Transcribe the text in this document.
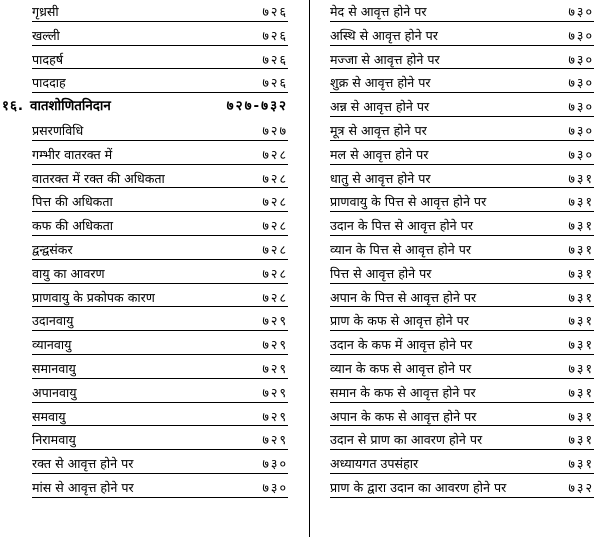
गृध्रसी	७२६
खल्ली	७२६
पादहर्ष	७२६
पाददाह	७२६
१६. वातशोणितनिदान	७२७-७३२
प्रसरणविधि	७२७
गम्भीर वातरक्त में	७२८
वातरक्त में रक्त की अधिकता	७२८
पित्त की अधिकता	७२८
कफ की अधिकता	७२८
द्वन्द्वसंकर	७२८
वायु का आवरण	७२८
प्राणवायु के प्रकोपक कारण	७२८
उदानवायु	७२९
व्यानवायु	७२९
समानवायु	७२९
अपानवायु	७२९
समवायु	७२९
निरामवायु	७२९
रक्त से आवृत्त होने पर	७३०
मांस से आवृत्त होने पर	७३०
मेद से आवृत्त होने पर	७३०
अस्थि से आवृत्त होने पर	७३०
मज्जा से आवृत्त होने पर	७३०
शुक्र से आवृत्त होने पर	७३०
अन्न से आवृत्त होने पर	७३०
मूत्र से आवृत्त होने पर	७३०
मल से आवृत्त होने पर	७३०
धातु से आवृत्त होने पर	७३१
प्राणवायु के पित्त से आवृत्त होने पर	७३१
उदान के पित्त से आवृत्त होने पर	७३१
व्यान के पित्त से आवृत्त होने पर	७३१
पित्त से आवृत्त होने पर	७३१
अपान के पित्त से आवृत्त होने पर	७३१
प्राण के कफ से आवृत्त होने पर	७३१
उदान के कफ में आवृत्त होने पर	७३१
व्यान के कफ से आवृत्त होने पर	७३१
समान के कफ से आवृत्त होने पर	७३१
अपान के कफ से आवृत्त होने पर	७३१
उदान से प्राण का आवरण होने पर	७३१
अध्यायगत उपसंहार	७३१
प्राण के द्वारा उदान का आवरण होने पर	७३२
